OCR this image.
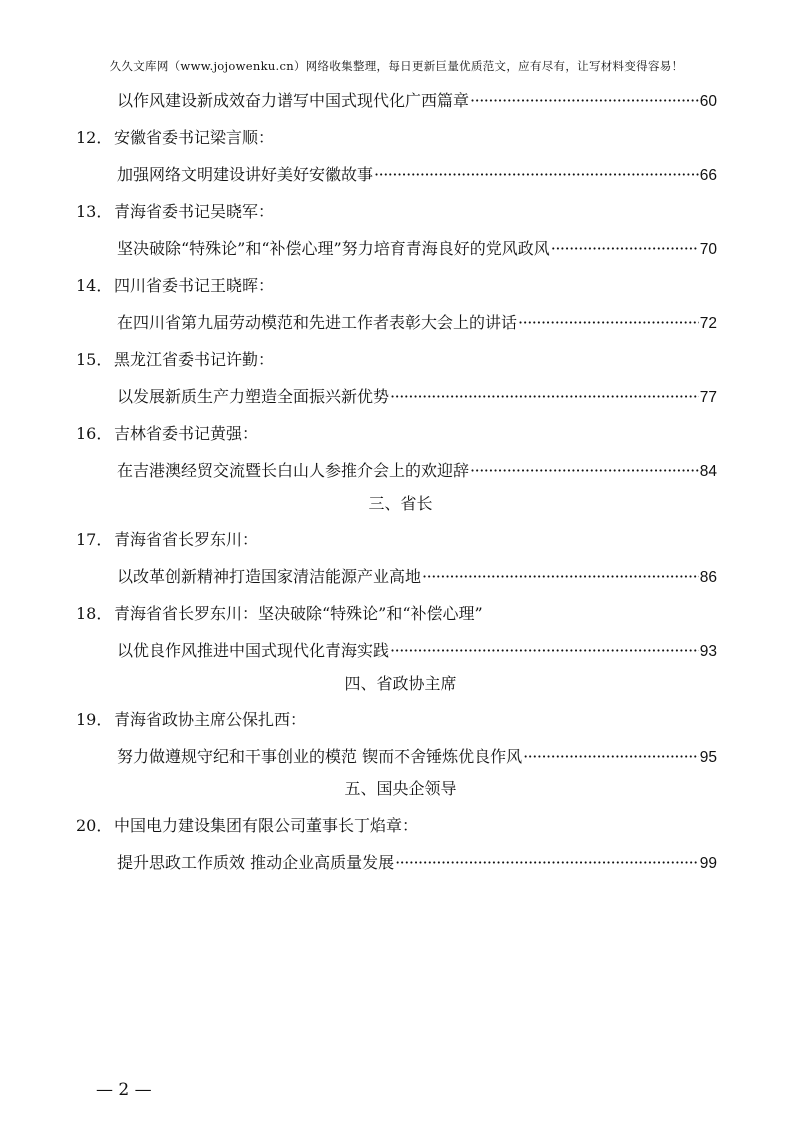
久久文库网（www.jojowenku.cn）网络收集整理，每日更新巨量优质范文，应有尽有，让写材料变得容易！
以作风建设新成效奋力谱写中国式现代化广西篇章 ·····	60
12． 安徽省委书记梁言顺：
加强网络文明建设讲好美好安徽故事 ·····	66
13． 青海省委书记吴晓军：
坚决破除“特殊论”和“补偿心理”努力培育青海良好的党风政风 ·····	70
14． 四川省委书记王晓晖：
在四川省第九届劳动模范和先进工作者表彰大会上的讲话 ·····	72
15． 黑龙江省委书记许勤：
以发展新质生产力塑造全面振兴新优势 ·····	77
16． 吉林省委书记黄强：
在吉港澳经贸交流暨长白山人参推介会上的欢迎辞 ·····	84
三、省长
17． 青海省省长罗东川：
以改革创新精神打造国家清洁能源产业高地 ·····	86
18． 青海省省长罗东川：坚决破除“特殊论”和“补偿心理”
以优良作风推进中国式现代化青海实践 ·····	93
四、省政协主席
19． 青海省政协主席公保扎西：
努力做遵规守纪和干事创业的模范 锲而不舍锤炼优良作风 ·····	95
五、国央企领导
20． 中国电力建设集团有限公司董事长丁焰章：
提升思政工作质效 推动企业高质量发展 ·····	99
— 2 —
